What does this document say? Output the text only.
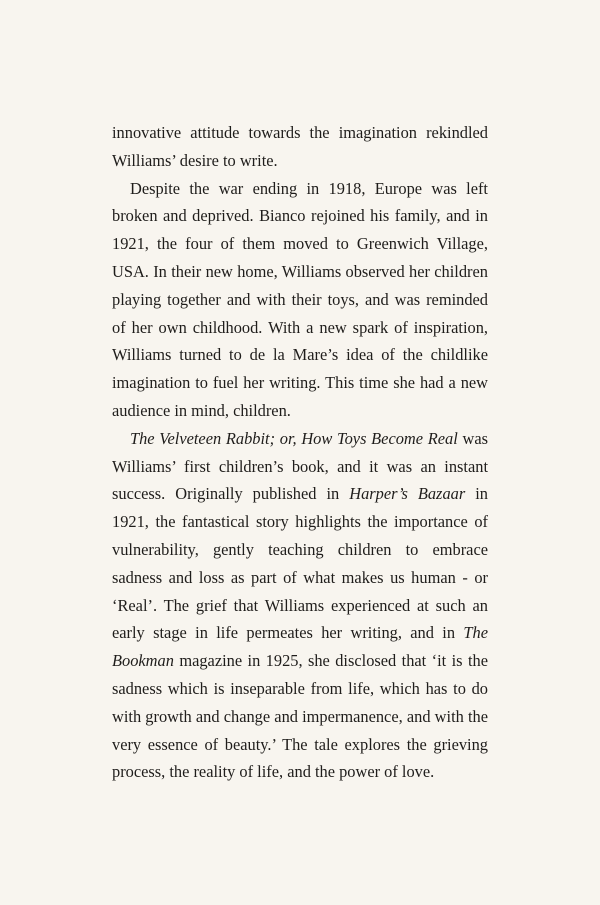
innovative attitude towards the imagination rekindled Williams’ desire to write.

Despite the war ending in 1918, Europe was left broken and deprived. Bianco rejoined his family, and in 1921, the four of them moved to Greenwich Village, USA. In their new home, Williams observed her children playing together and with their toys, and was reminded of her own childhood. With a new spark of inspiration, Williams turned to de la Mare’s idea of the childlike imagination to fuel her writing. This time she had a new audience in mind, children.

The Velveteen Rabbit; or, How Toys Become Real was Williams’ first children’s book, and it was an instant success. Originally published in Harper’s Bazaar in 1921, the fantastical story highlights the importance of vulnerability, gently teaching children to embrace sadness and loss as part of what makes us human - or ‘Real’. The grief that Williams experienced at such an early stage in life permeates her writing, and in The Bookman magazine in 1925, she disclosed that ‘it is the sadness which is inseparable from life, which has to do with growth and change and impermanence, and with the very essence of beauty.’ The tale explores the grieving process, the reality of life, and the power of love.
